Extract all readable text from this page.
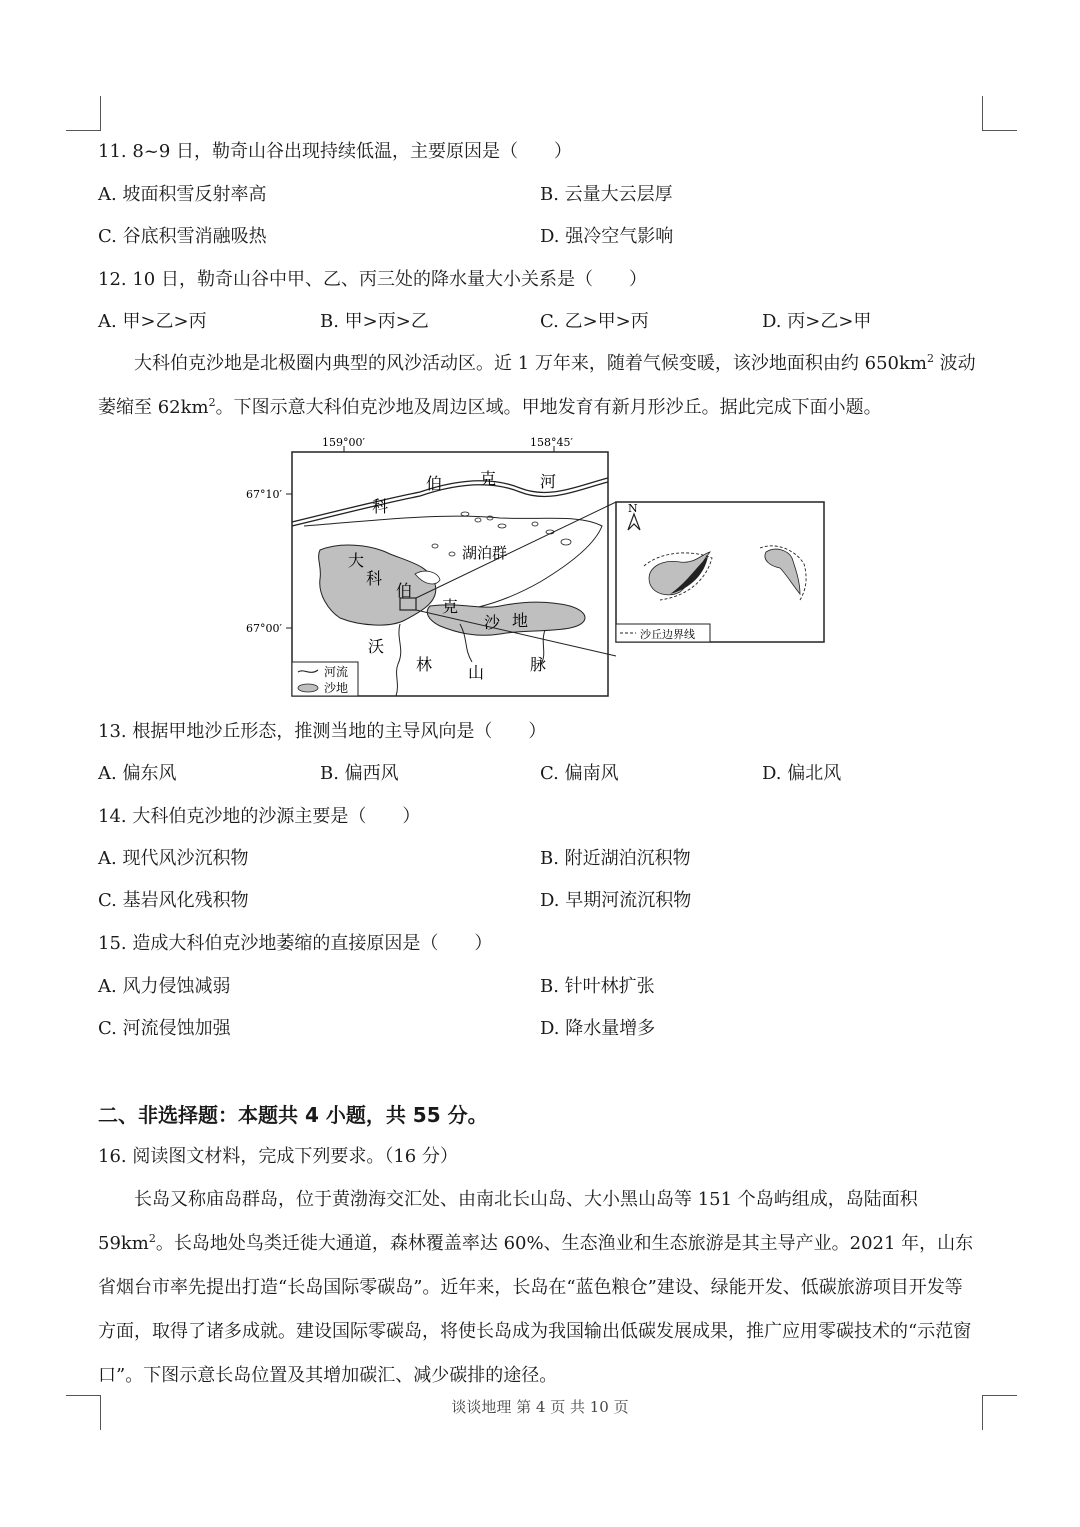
11. 8~9 日，勒奇山谷出现持续低温，主要原因是（　　）
A. 坡面积雪反射率高	B. 云量大云层厚
C. 谷底积雪消融吸热	D. 强冷空气影响
12. 10 日，勒奇山谷中甲、乙、丙三处的降水量大小关系是（　　）
A. 甲>乙>丙	B. 甲>丙>乙	C. 乙>甲>丙	D. 丙>乙>甲
大科伯克沙地是北极圈内典型的风沙活动区。近 1 万年来，随着气候变暖，该沙地面积由约 $650km^2$ 波动萎缩至 $62km^2$。下图示意大科伯克沙地及周边区域。甲地发育有新月形沙丘。据此完成下面小题。
159°00′	158°45′
67°10′
67°00′
科
伯 克	河
湖泊群
大
科
伯
克
沙 地
沃
林 山	脉
河流
沙地
N
沙丘边界线
13. 根据甲地沙丘形态，推测当地的主导风向是（　　）
A. 偏东风	B. 偏西风	C. 偏南风	D. 偏北风
14. 大科伯克沙地的沙源主要是（　　）
A. 现代风沙沉积物	B. 附近湖泊沉积物
C. 基岩风化残积物	D. 早期河流沉积物
15. 造成大科伯克沙地萎缩的直接原因是（　　）
A. 风力侵蚀减弱	B. 针叶林扩张
C. 河流侵蚀加强	D. 降水量增多
二、非选择题：本题共 4 小题，共 55 分。
16. 阅读图文材料，完成下列要求。（16 分）
长岛又称庙岛群岛，位于黄渤海交汇处、由南北长山岛、大小黑山岛等 151 个岛屿组成，岛陆面积 $59km^2$。长岛地处鸟类迁徙大通道，森林覆盖率达 60%、生态渔业和生态旅游是其主导产业。2021 年，山东省烟台市率先提出打造“长岛国际零碳岛”。近年来，长岛在“蓝色粮仓”建设、绿能开发、低碳旅游项目开发等方面，取得了诸多成就。建设国际零碳岛，将使长岛成为我国输出低碳发展成果，推广应用零碳技术的“示范窗口”。下图示意长岛位置及其增加碳汇、减少碳排的途径。
谈谈地理 第 4 页 共 10 页
